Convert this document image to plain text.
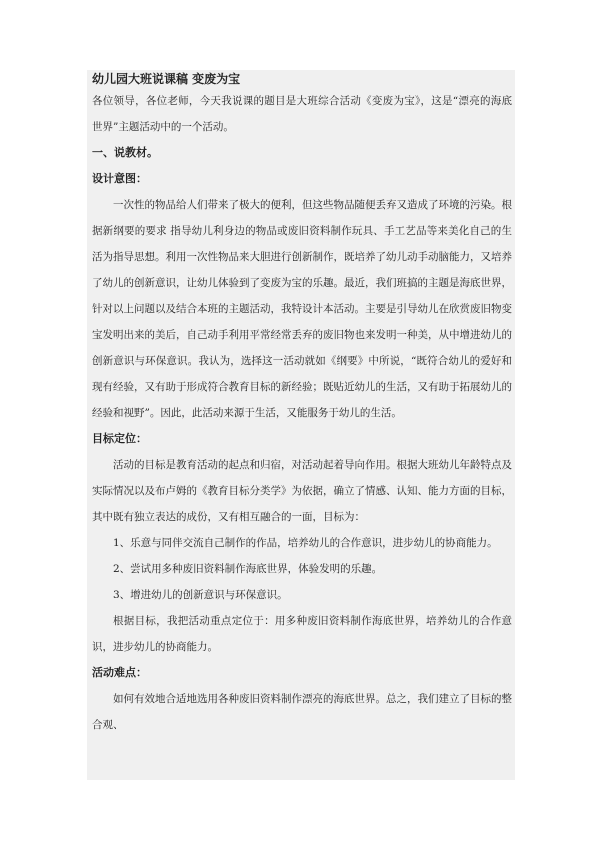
幼儿园大班说课稿 变废为宝

各位领导，各位老师，今天我说课的题目是大班综合活动《变废为宝》，这是“漂亮的海底世界”主题活动中的一个活动。

一、说教材。

设计意图：

一次性的物品给人们带来了极大的便利，但这些物品随便丢弃又造成了环境的污染。根据新纲要的要求 指导幼儿利身边的物品或废旧资料制作玩具、手工艺品等来美化自己的生活为指导思想。利用一次性物品来大胆进行创新制作，既培养了幼儿动手动脑能力，又培养了幼儿的创新意识，让幼儿体验到了变废为宝的乐趣。最近，我们班搞的主题是海底世界，针对以上问题以及结合本班的主题活动，我特设计本活动。主要是引导幼儿在欣赏废旧物变宝发明出来的美后，自己动手利用平常经常丢弃的废旧物也来发明一种美，从中增进幼儿的创新意识与环保意识。我认为，选择这一活动就如《纲要》中所说，“既符合幼儿的爱好和现有经验，又有助于形成符合教育目标的新经验；既贴近幼儿的生活，又有助于拓展幼儿的经验和视野”。因此，此活动来源于生活，又能服务于幼儿的生活。

目标定位：

活动的目标是教育活动的起点和归宿，对活动起着导向作用。根据大班幼儿年龄特点及实际情况以及布卢姆的《教育目标分类学》为依据，确立了情感、认知、能力方面的目标，其中既有独立表达的成份，又有相互融合的一面，目标为：

1、乐意与同伴交流自己制作的作品，培养幼儿的合作意识，进步幼儿的协商能力。

2、尝试用多种废旧资料制作海底世界，体验发明的乐趣。

3、增进幼儿的创新意识与环保意识。

根据目标，我把活动重点定位于：用多种废旧资料制作海底世界，培养幼儿的合作意识，进步幼儿的协商能力。

活动难点：

如何有效地合适地选用各种废旧资料制作漂亮的海底世界。总之，我们建立了目标的整合观、
